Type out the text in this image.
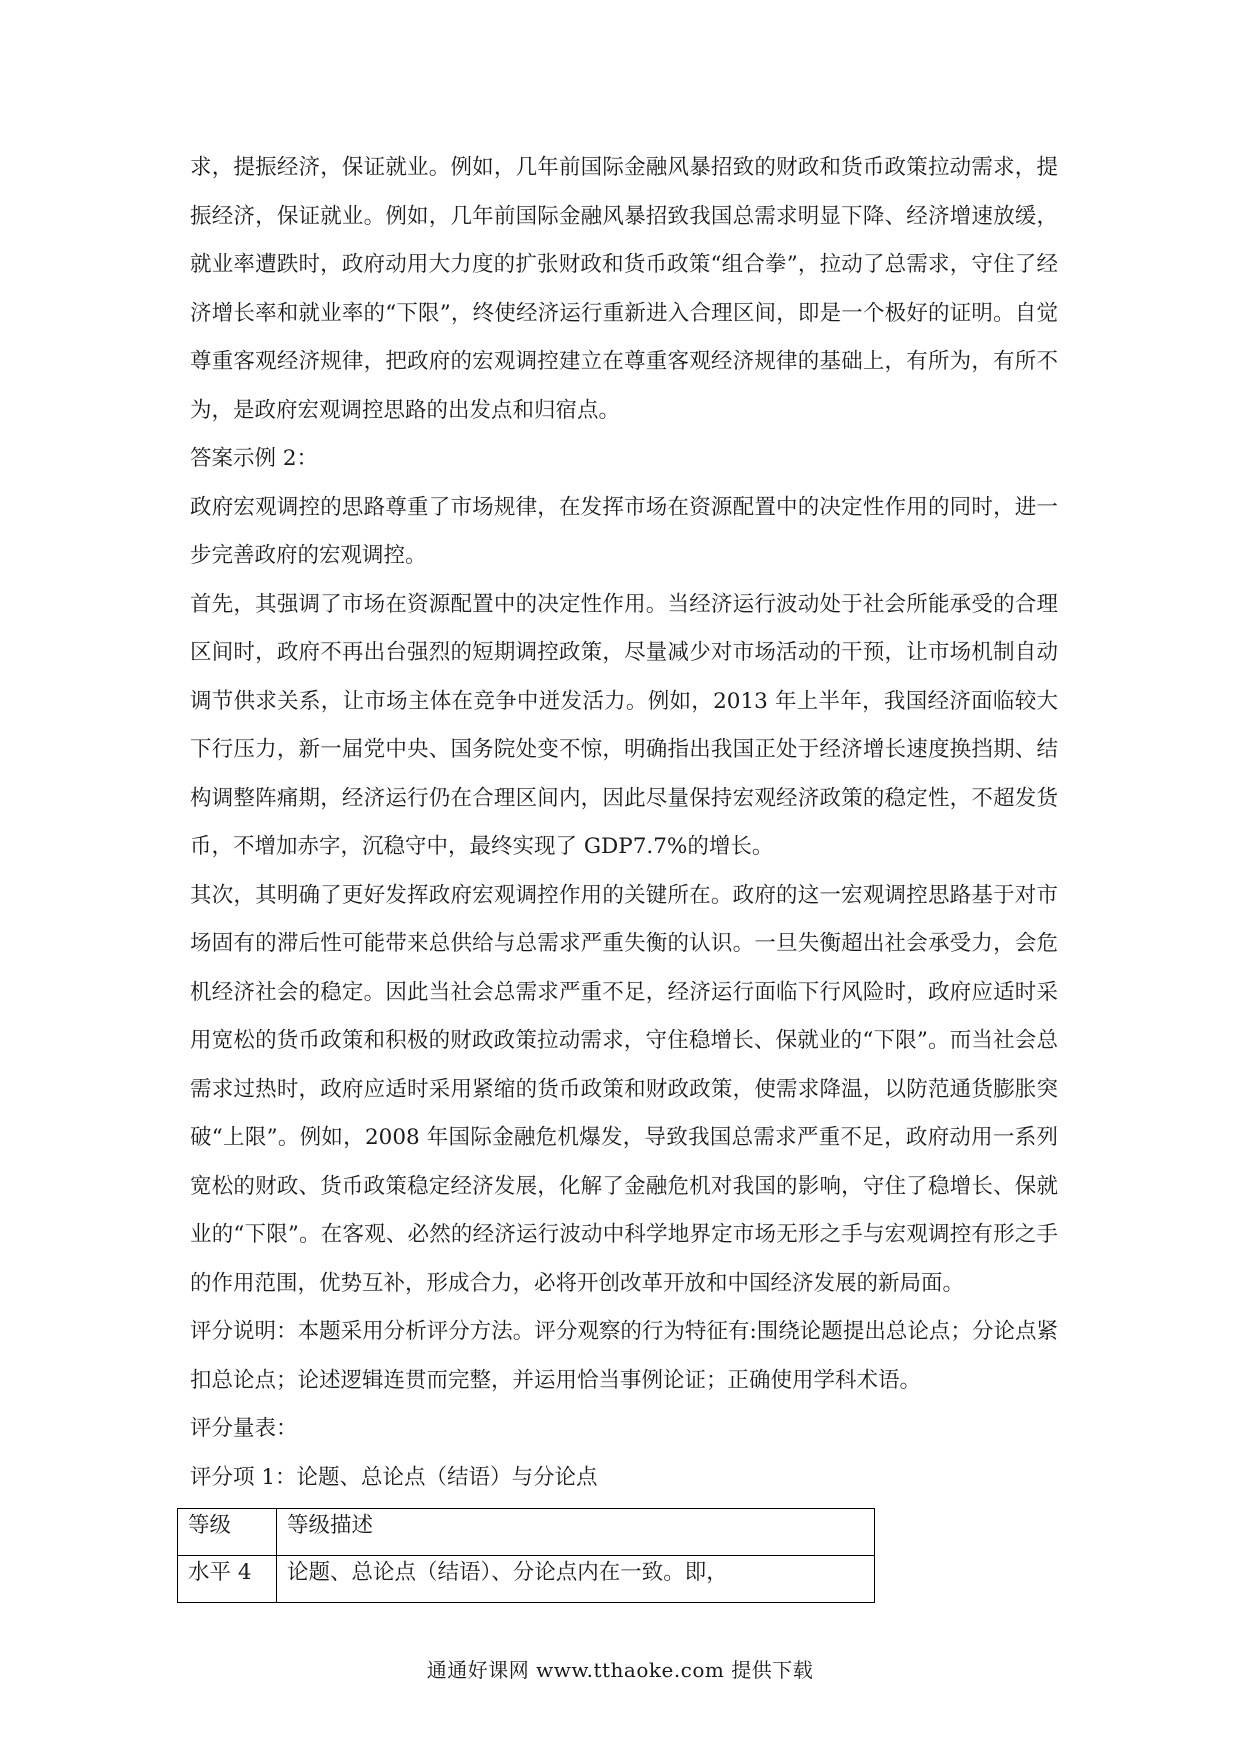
求，提振经济，保证就业。例如，几年前国际金融风暴招致的财政和货币政策拉动需求，提振经济，保证就业。例如，几年前国际金融风暴招致我国总需求明显下降、经济增速放缓，就业率遭跌时，政府动用大力度的扩张财政和货币政策“组合拳”，拉动了总需求，守住了经济增长率和就业率的“下限”，终使经济运行重新进入合理区间，即是一个极好的证明。自觉尊重客观经济规律，把政府的宏观调控建立在尊重客观经济规律的基础上，有所为，有所不为，是政府宏观调控思路的出发点和归宿点。

答案示例 2：

政府宏观调控的思路尊重了市场规律，在发挥市场在资源配置中的决定性作用的同时，进一步完善政府的宏观调控。

首先，其强调了市场在资源配置中的决定性作用。当经济运行波动处于社会所能承受的合理区间时，政府不再出台强烈的短期调控政策，尽量减少对市场活动的干预，让市场机制自动调节供求关系，让市场主体在竞争中迸发活力。例如，2013 年上半年，我国经济面临较大下行压力，新一届党中央、国务院处变不惊，明确指出我国正处于经济增长速度换挡期、结构调整阵痛期，经济运行仍在合理区间内，因此尽量保持宏观经济政策的稳定性，不超发货币，不增加赤字，沉稳守中，最终实现了 GDP7.7%的增长。

其次，其明确了更好发挥政府宏观调控作用的关键所在。政府的这一宏观调控思路基于对市场固有的滞后性可能带来总供给与总需求严重失衡的认识。一旦失衡超出社会承受力，会危机经济社会的稳定。因此当社会总需求严重不足，经济运行面临下行风险时，政府应适时采用宽松的货币政策和积极的财政政策拉动需求，守住稳增长、保就业的“下限”。而当社会总需求过热时，政府应适时采用紧缩的货币政策和财政政策，使需求降温，以防范通货膨胀突破“上限”。例如，2008 年国际金融危机爆发，导致我国总需求严重不足，政府动用一系列宽松的财政、货币政策稳定经济发展，化解了金融危机对我国的影响，守住了稳增长、保就业的“下限”。在客观、必然的经济运行波动中科学地界定市场无形之手与宏观调控有形之手的作用范围，优势互补，形成合力，必将开创改革开放和中国经济发展的新局面。

评分说明：本题采用分析评分方法。评分观察的行为特征有:围绕论题提出总论点；分论点紧扣总论点；论述逻辑连贯而完整，并运用恰当事例论证；正确使用学科术语。

评分量表：

评分项 1：论题、总论点（结语）与分论点

等级	等级描述
水平 4	论题、总论点（结语）、分论点内在一致。即，
通通好课网 www.tthaoke.com 提供下载
